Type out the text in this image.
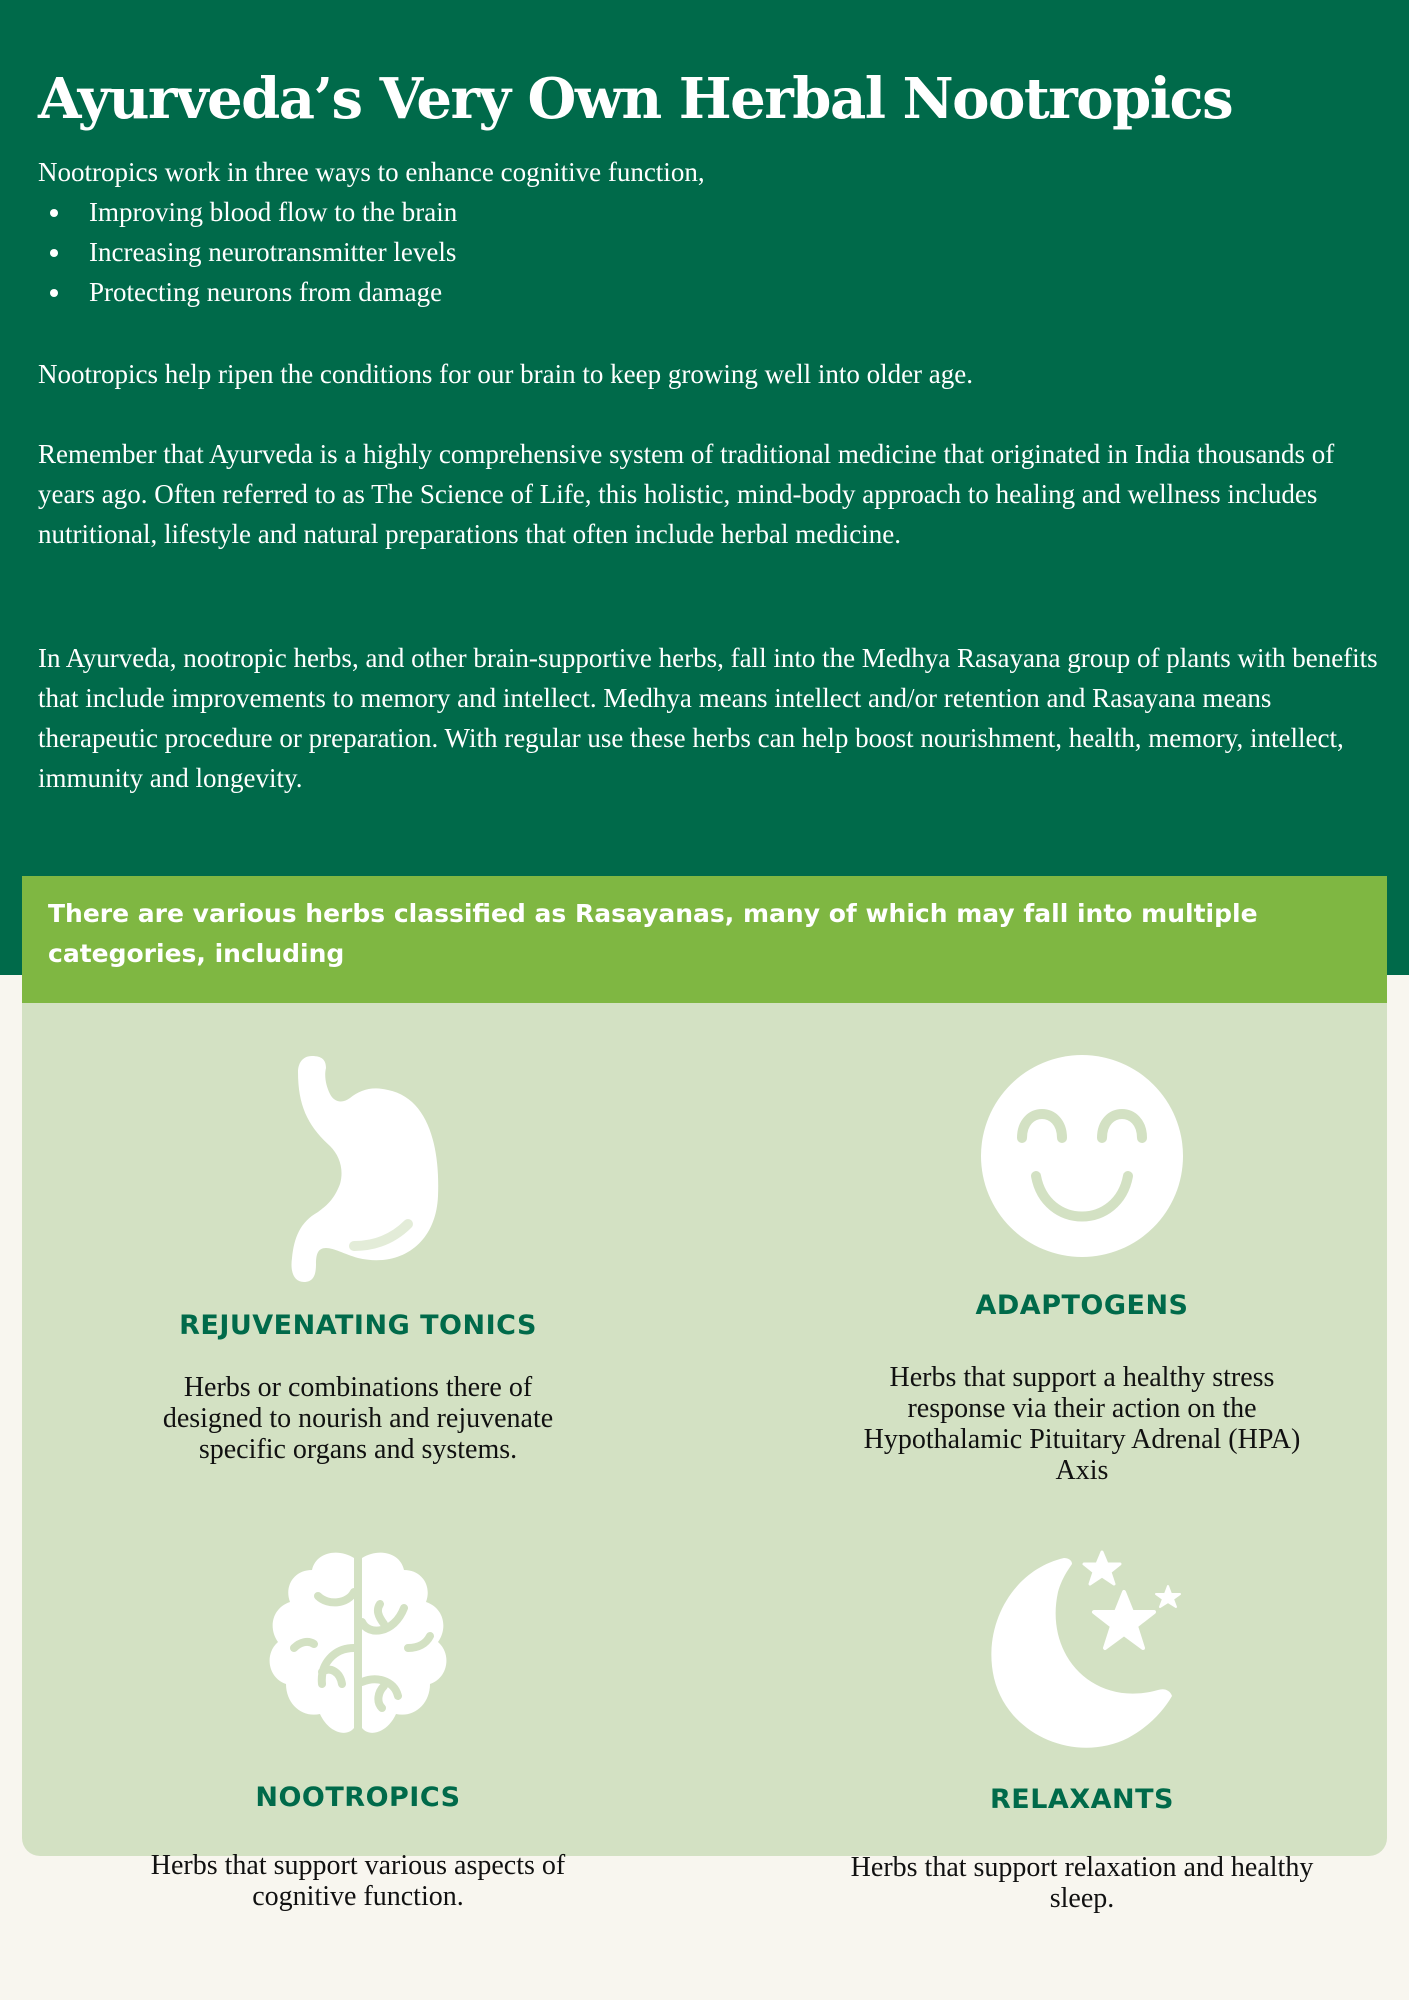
Ayurveda’s Very Own Herbal Nootropics

Nootropics work in three ways to enhance cognitive function,

Improving blood flow to the brain
Increasing neurotransmitter levels
Protecting neurons from damage

Nootropics help ripen the conditions for our brain to keep growing well into older age.

Remember that Ayurveda is a highly comprehensive system of traditional medicine that originated in India thousands of years ago. Often referred to as The Science of Life, this holistic, mind-body approach to healing and wellness includes nutritional, lifestyle and natural preparations that often include herbal medicine.

In Ayurveda, nootropic herbs, and other brain-supportive herbs, fall into the Medhya Rasayana group of plants with benefits that include improvements to memory and intellect. Medhya means intellect and/or retention and Rasayana means therapeutic procedure or preparation. With regular use these herbs can help boost nourishment, health, memory, intellect, immunity and longevity.

There are various herbs classified as Rasayanas, many of which may fall into multiple categories, including
REJUVENATING TONICS
Herbs or combinations there of designed to nourish and rejuvenate specific organs and systems.
ADAPTOGENS
Herbs that support a healthy stress response via their action on the Hypothalamic Pituitary Adrenal (HPA) Axis
NOOTROPICS
Herbs that support various aspects of cognitive function.
RELAXANTS
Herbs that support relaxation and healthy sleep.
